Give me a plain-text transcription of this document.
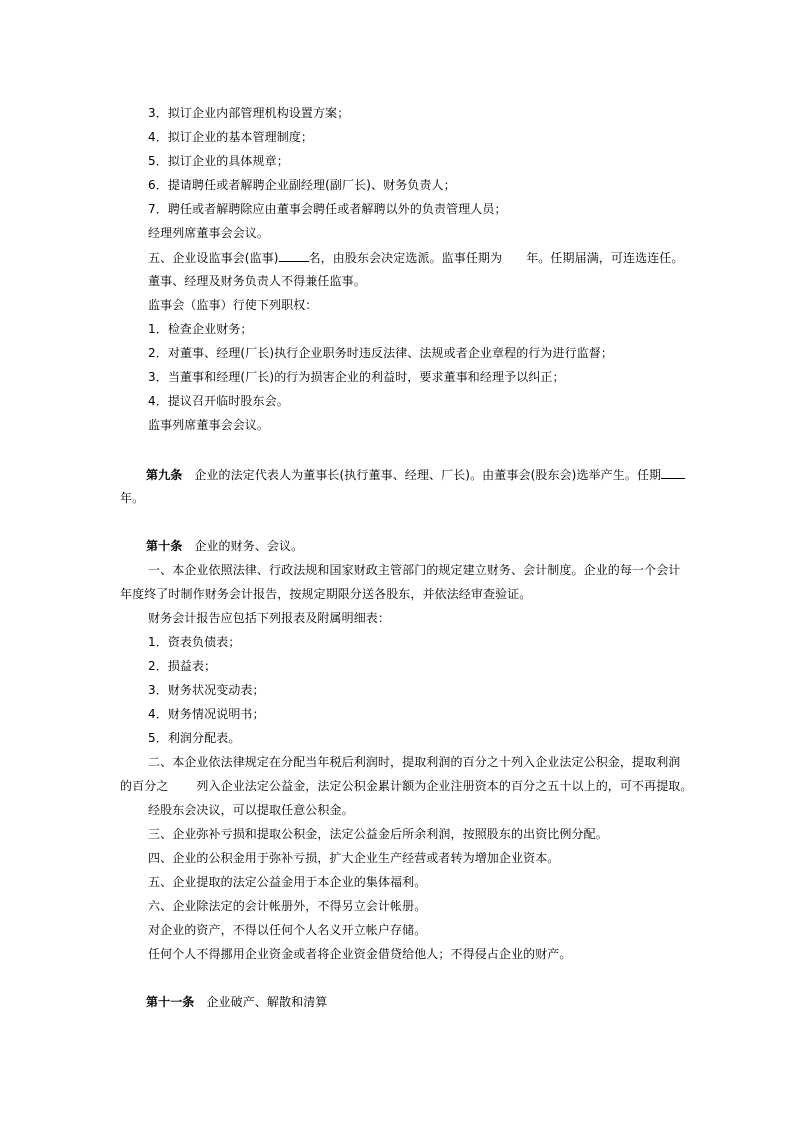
3．拟订企业内部管理机构设置方案；
4．拟订企业的基本管理制度；
5．拟订企业的具体规章；
6．提请聘任或者解聘企业副经理(副厂长)、财务负责人；
7．聘任或者解聘除应由董事会聘任或者解聘以外的负责管理人员；
经理列席董事会会议。
五、企业设监事会(监事)	名，由股东会决定选派。监事任期为 年。任期届满，可连选连任。
董事、经理及财务负责人不得兼任监事。
监事会（监事）行使下列职权：
1．检查企业财务；
2．对董事、经理(厂长)执行企业职务时违反法律、法规或者企业章程的行为进行监督；
3．当董事和经理(厂长)的行为损害企业的利益时，要求董事和经理予以纠正；
4．提议召开临时股东会。
监事列席董事会会议。
第九条 企业的法定代表人为董事长(执行董事、经理、厂长)。由董事会(股东会)选举产生。任期
年。
第十条 企业的财务、会议。
一、本企业依照法律、行政法规和国家财政主管部门的规定建立财务、会计制度。企业的每一个会计
年度终了时制作财务会计报告，按规定期限分送各股东，并依法经审查验证。
财务会计报告应包括下列报表及附属明细表：
1．资表负债表；
2．损益表；
3．财务状况变动表；
4．财务情况说明书；
5．利润分配表。
二、本企业依法律规定在分配当年税后利润时，提取利润的百分之十列入企业法定公积金，提取利润
的百分之 列入企业法定公益金，法定公积金累计额为企业注册资本的百分之五十以上的，可不再提取。
经股东会决议，可以提取任意公积金。
三、企业弥补亏损和提取公积金，法定公益金后所余利润，按照股东的出资比例分配。
四、企业的公积金用于弥补亏损，扩大企业生产经营或者转为增加企业资本。
五、企业提取的法定公益金用于本企业的集体福利。
六、企业除法定的会计帐册外，不得另立会计帐册。
对企业的资产，不得以任何个人名义开立帐户存储。
任何个人不得挪用企业资金或者将企业资金借贷给他人；不得侵占企业的财产。
第十一条 企业破产、解散和清算
